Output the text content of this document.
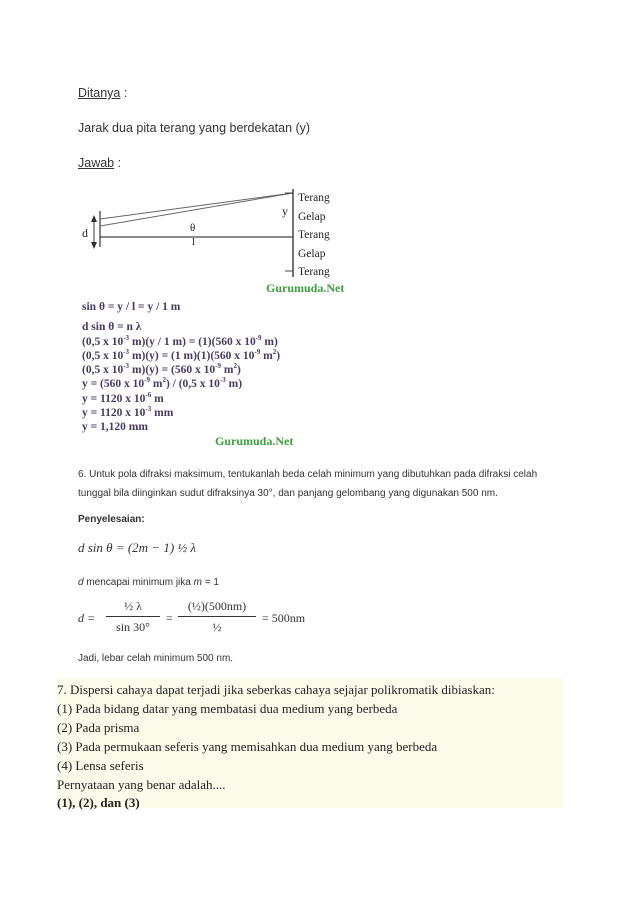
Ditanya :
Jarak dua pita terang yang berdekatan (y)
Jawab :
d	θ
l
y
Terang
Gelap
Terang
Gelap
Terang
Gurumuda.Net
sin θ = y / l = y / 1 m
d sin θ = n λ
(0,5 x $10^{-3}$ m)(y / 1 m) = (1)(560 x $10^{-9}$ m)
(0,5 x $10^{-3}$ m)(y) = (1 m)(1)(560 x $10^{-9}$ $m^2$)
(0,5 x $10^{-3}$ m)(y) = (560 x $10^{-9}$ $m^2$)
y = (560 x $10^{-9}$ $m^2) / (0,5$ x $10^{-3}$ m)
y = 1120 x $10^{-6}$ m
y = 1120 x $10^{-3}$ mm
y = 1,120 mm
Gurumuda.Net
6. Untuk pola difraksi maksimum, tentukanlah beda celah minimum yang dibutuhkan pada difraksi celah
tunggal bila diinginkan sudut difraksinya 30°, dan panjang gelombang yang digunakan 500 nm.
Penyelesaian:
d sin θ = (2m − 1) ½ λ
d mencapai minimum jika m = 1
d =
½ λ
sin 30°
=
(½)(500nm)
½
= 500nm
Jadi, lebar celah minimum 500 nm.
7. Dispersi cahaya dapat terjadi jika seberkas cahaya sejajar polikromatik dibiaskan:
(1) Pada bidang datar yang membatasi dua medium yang berbeda
(2) Pada prisma
(3) Pada permukaan seferis yang memisahkan dua medium yang berbeda
(4) Lensa seferis
Pernyataan yang benar adalah....
(1), (2), dan (3)
